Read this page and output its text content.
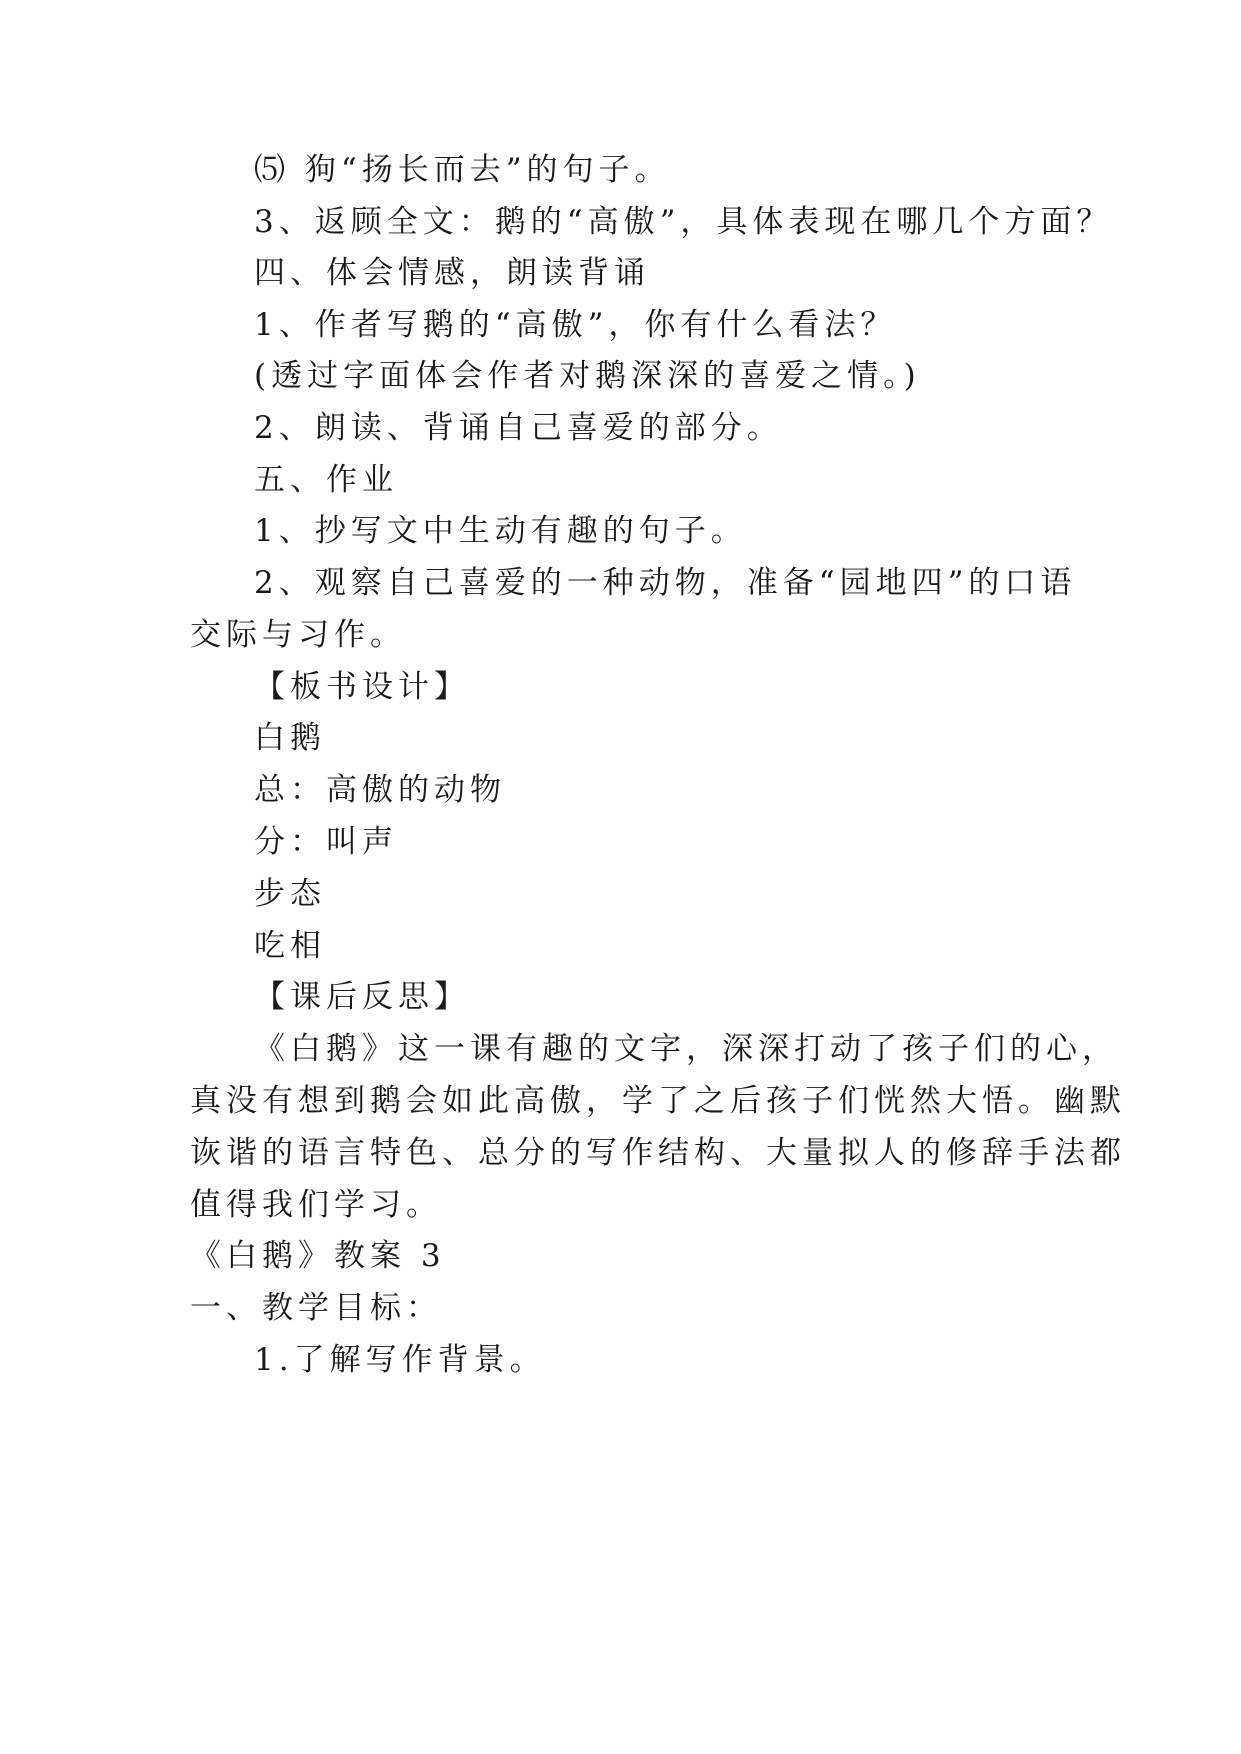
⑸ 狗“扬长而去”的句子。
3、返顾全文：鹅的“高傲”，具体表现在哪几个方面？
四、体会情感，朗读背诵
1、作者写鹅的“高傲”，你有什么看法？
(透过字面体会作者对鹅深深的喜爱之情。)
2、朗读、背诵自己喜爱的部分。
五、作业
1、抄写文中生动有趣的句子。
2、观察自己喜爱的一种动物，准备“园地四”的口语
交际与习作。
【板书设计】
白鹅
总：高傲的动物
分：叫声
步态
吃相
【课后反思】
《白鹅》这一课有趣的文字，深深打动了孩子们的心，
真没有想到鹅会如此高傲，学了之后孩子们恍然大悟。幽默
诙谐的语言特色、总分的写作结构、大量拟人的修辞手法都
值得我们学习。
《白鹅》教案 3
一、教学目标：
1.了解写作背景。
